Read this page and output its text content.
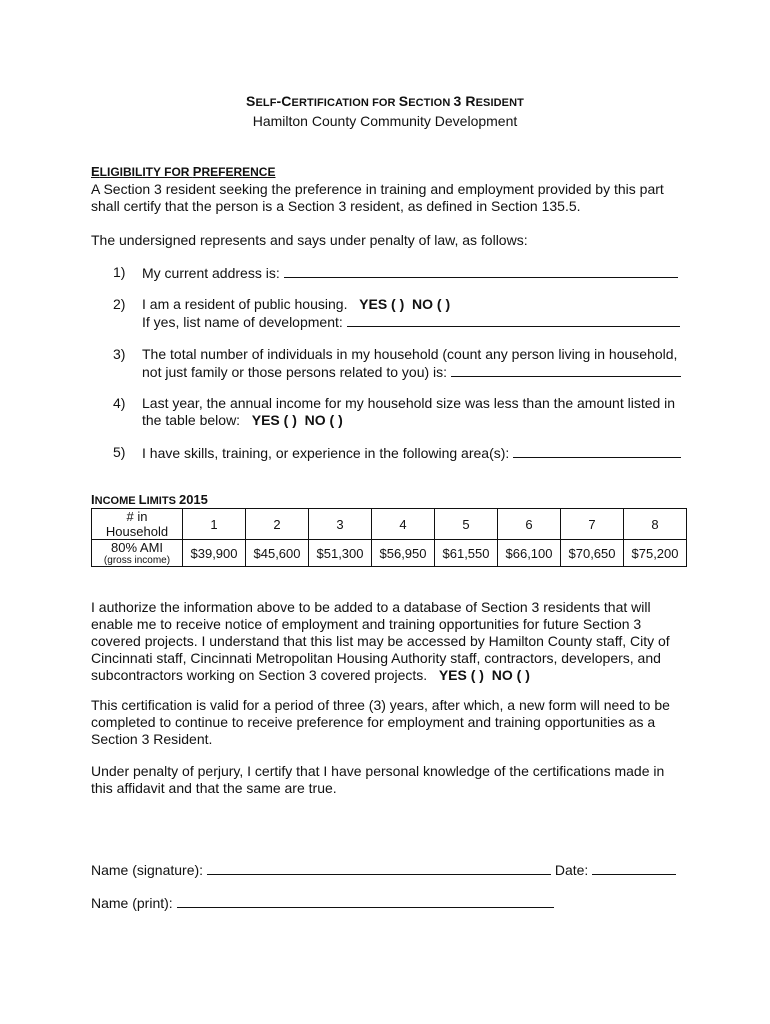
SELF-CERTIFICATION FOR SECTION 3 RESIDENT
Hamilton County Community Development
ELIGIBILITY FOR PREFERENCE
A Section 3 resident seeking the preference in training and employment provided by this part
shall certify that the person is a Section 3 resident, as defined in Section 135.5.
The undersigned represents and says under penalty of law, as follows:
1) My current address is:
2) I am a resident of public housing. YES ( ) NO ( )
If yes, list name of development:
3) The total number of individuals in my household (count any person living in household,
not just family or those persons related to you) is:
4) Last year, the annual income for my household size was less than the amount listed in
the table below: YES ( ) NO ( )
5) I have skills, training, or experience in the following area(s):
INCOME LIMITS 2015
# in
Household	1	2	3	4	5	6	7	8

80% AMI
(gross income)	$39,900	$45,600	$51,300	$56,950	$61,550	$66,100	$70,650	$75,200
I authorize the information above to be added to a database of Section 3 residents that will
enable me to receive notice of employment and training opportunities for future Section 3
covered projects. I understand that this list may be accessed by Hamilton County staff, City of
Cincinnati staff, Cincinnati Metropolitan Housing Authority staff, contractors, developers, and
subcontractors working on Section 3 covered projects. YES ( ) NO ( )
This certification is valid for a period of three (3) years, after which, a new form will need to be
completed to continue to receive preference for employment and training opportunities as a
Section 3 Resident.
Under penalty of perjury, I certify that I have personal knowledge of the certifications made in
this affidavit and that the same are true.
Name (signature):	Date:
Name (print):
